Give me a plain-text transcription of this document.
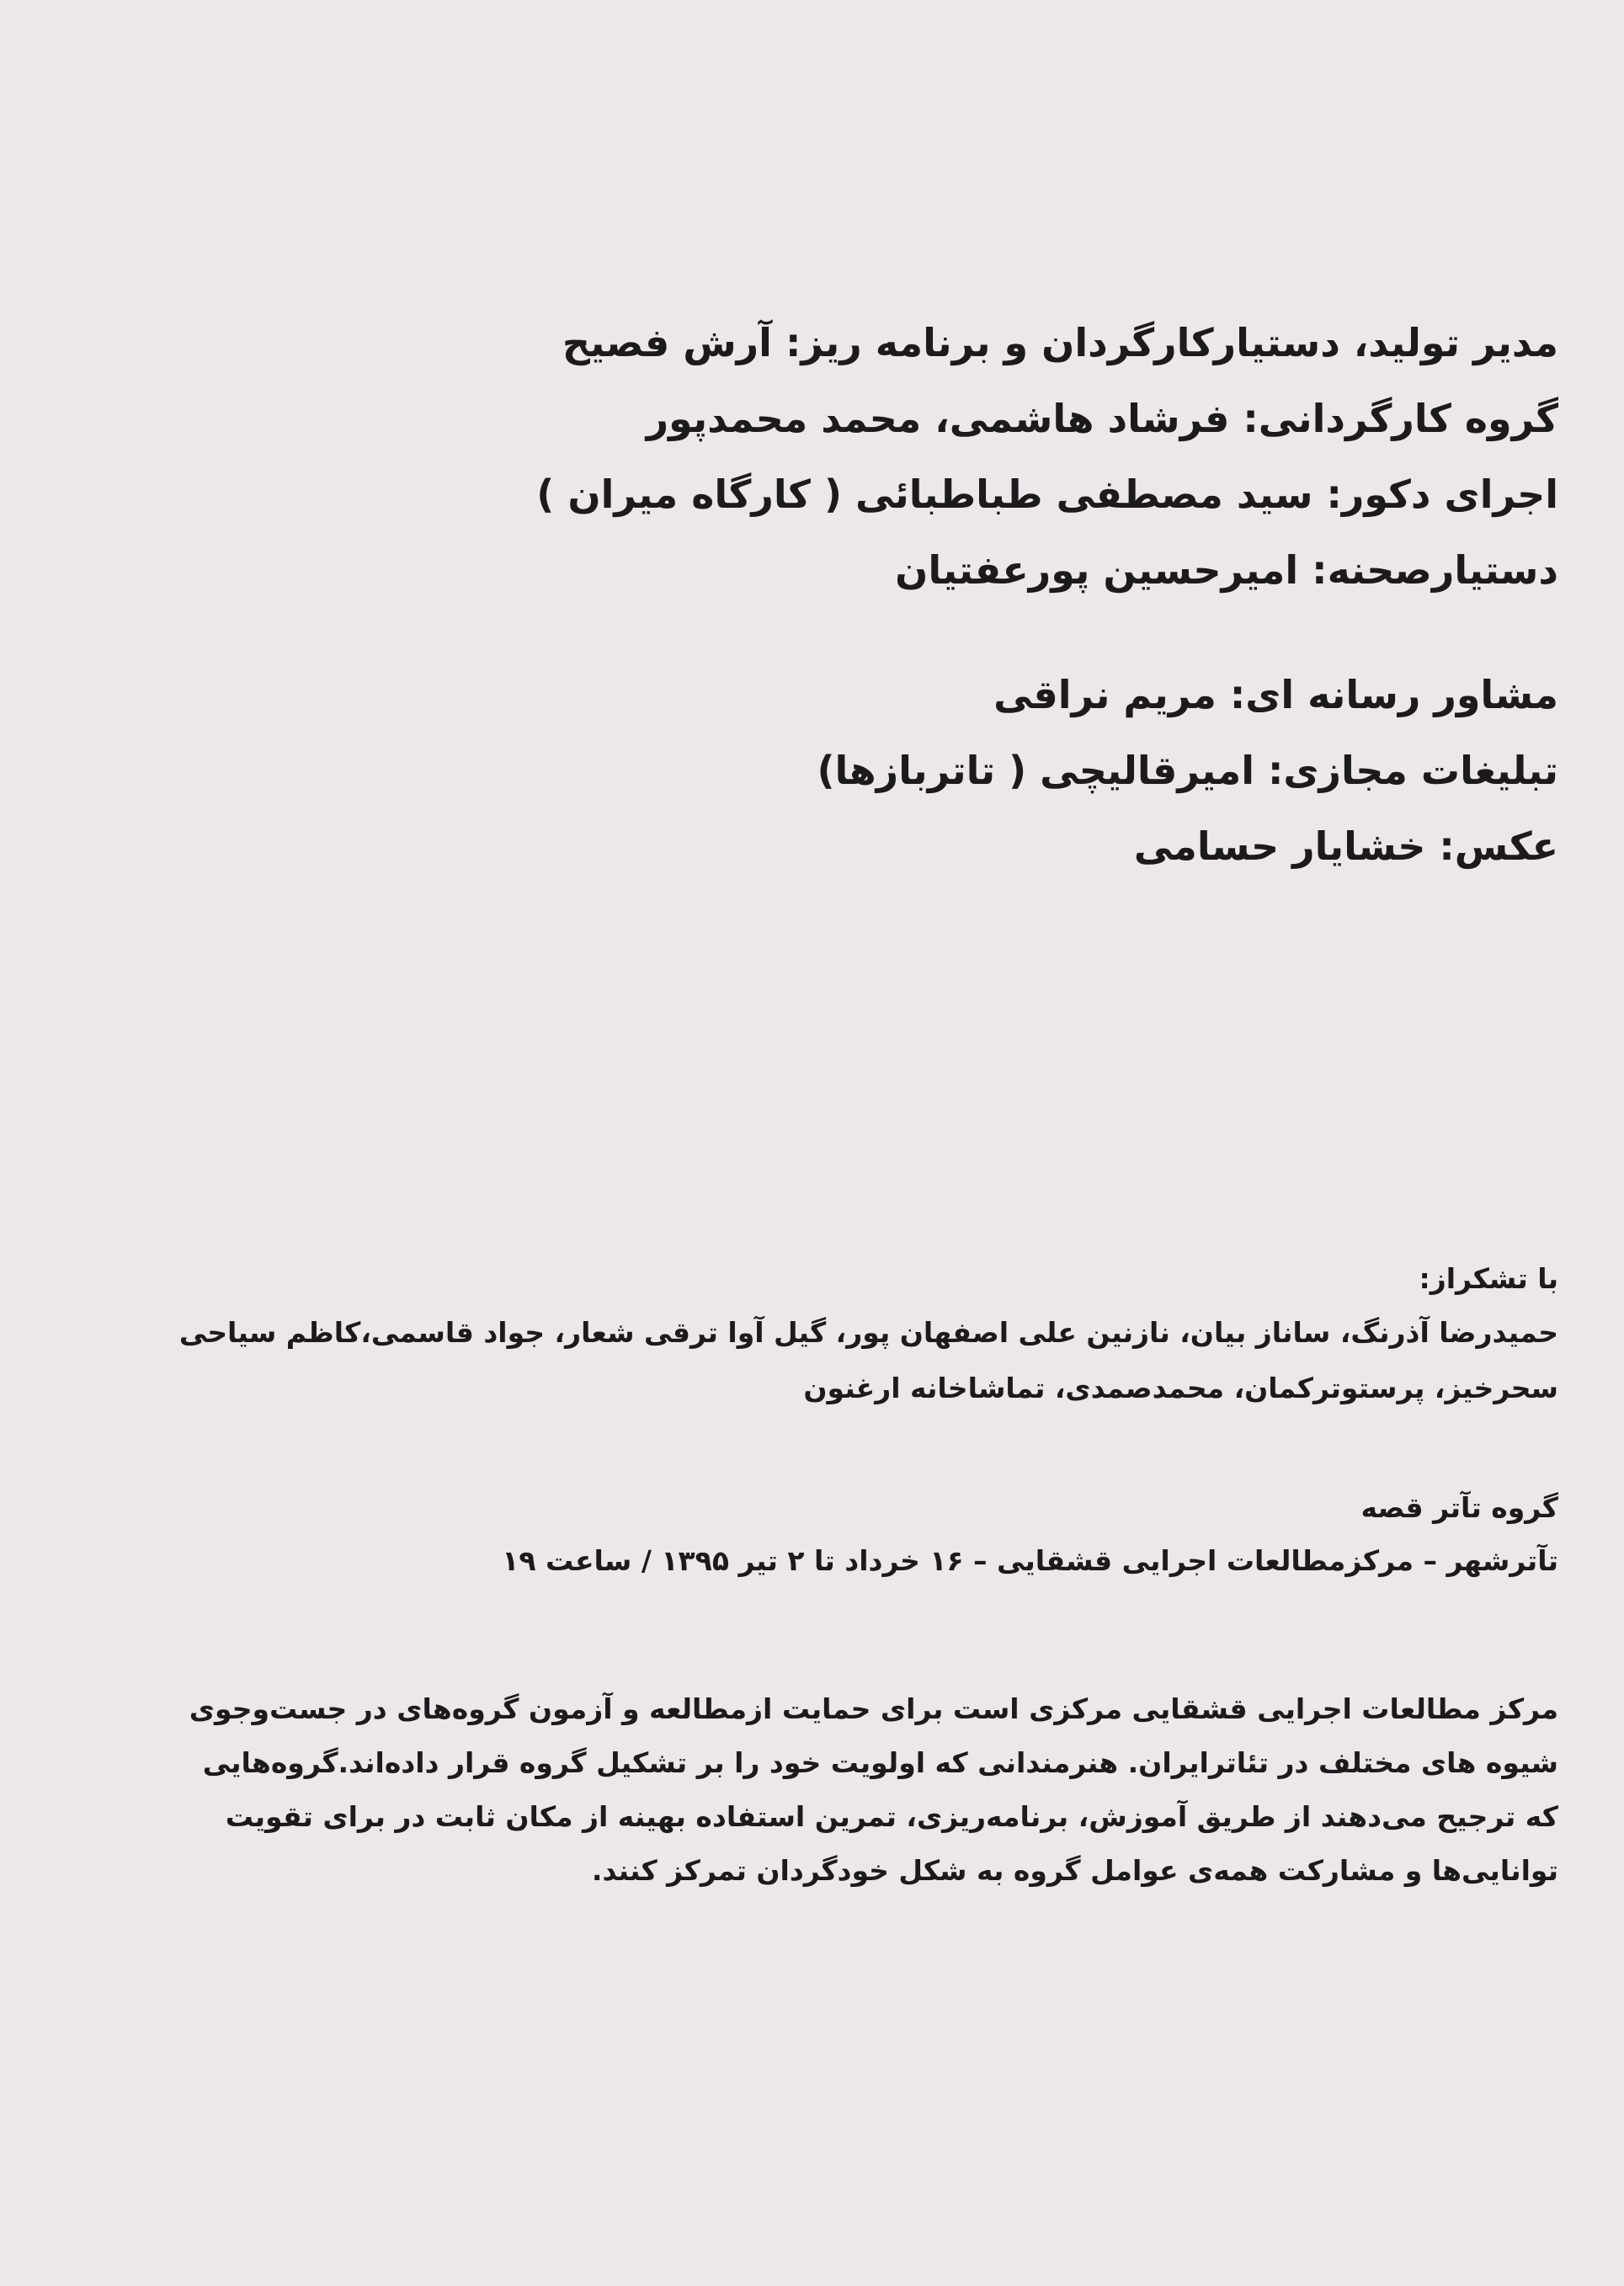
مدیر تولید، دستیارکارگردان و برنامه ریز: آرش فصیح
گروه کارگردانی: فرشاد هاشمی، محمد محمدپور
اجرای دکور: سید مصطفی طباطبائی ( کارگاه میران )
دستیارصحنه: امیرحسین پورعفتیان
مشاور رسانه ای: مریم نراقی
تبلیغات مجازی: امیرقالیچی ( تاتربازها)
عکس: خشایار حسامی
با تشکراز:
حمیدرضا آذرنگ، ساناز بیان، نازنین علی اصفهان پور، گیل آوا ترقی شعار، جواد قاسمی،کاظم سیاحی
سحرخیز، پرستوترکمان، محمدصمدی، تماشاخانه ارغنون
گروه تآتر قصه
تآترشهر – مرکزمطالعات اجرایی قشقایی – ۱۶ خرداد تا ۲ تیر ۱۳۹۵ / ساعت ۱۹
مرکز مطالعات اجرایی قشقایی مرکزی است برای حمایت ازمطالعه و آزمون گروه‌های در جست‌وجوی
شیوه های مختلف در تئاترایران. هنرمندانی که اولویت خود را بر تشکیل گروه قرار داده‌اند.گروه‌هایی
که ترجیح می‌دهند از طریق آموزش، برنامه‌ریزی، تمرین استفاده بهینه از مکان ثابت در برای تقویت
توانایی‌ها و مشارکت همه‌ی عوامل گروه به شکل خودگردان تمرکز کنند.
